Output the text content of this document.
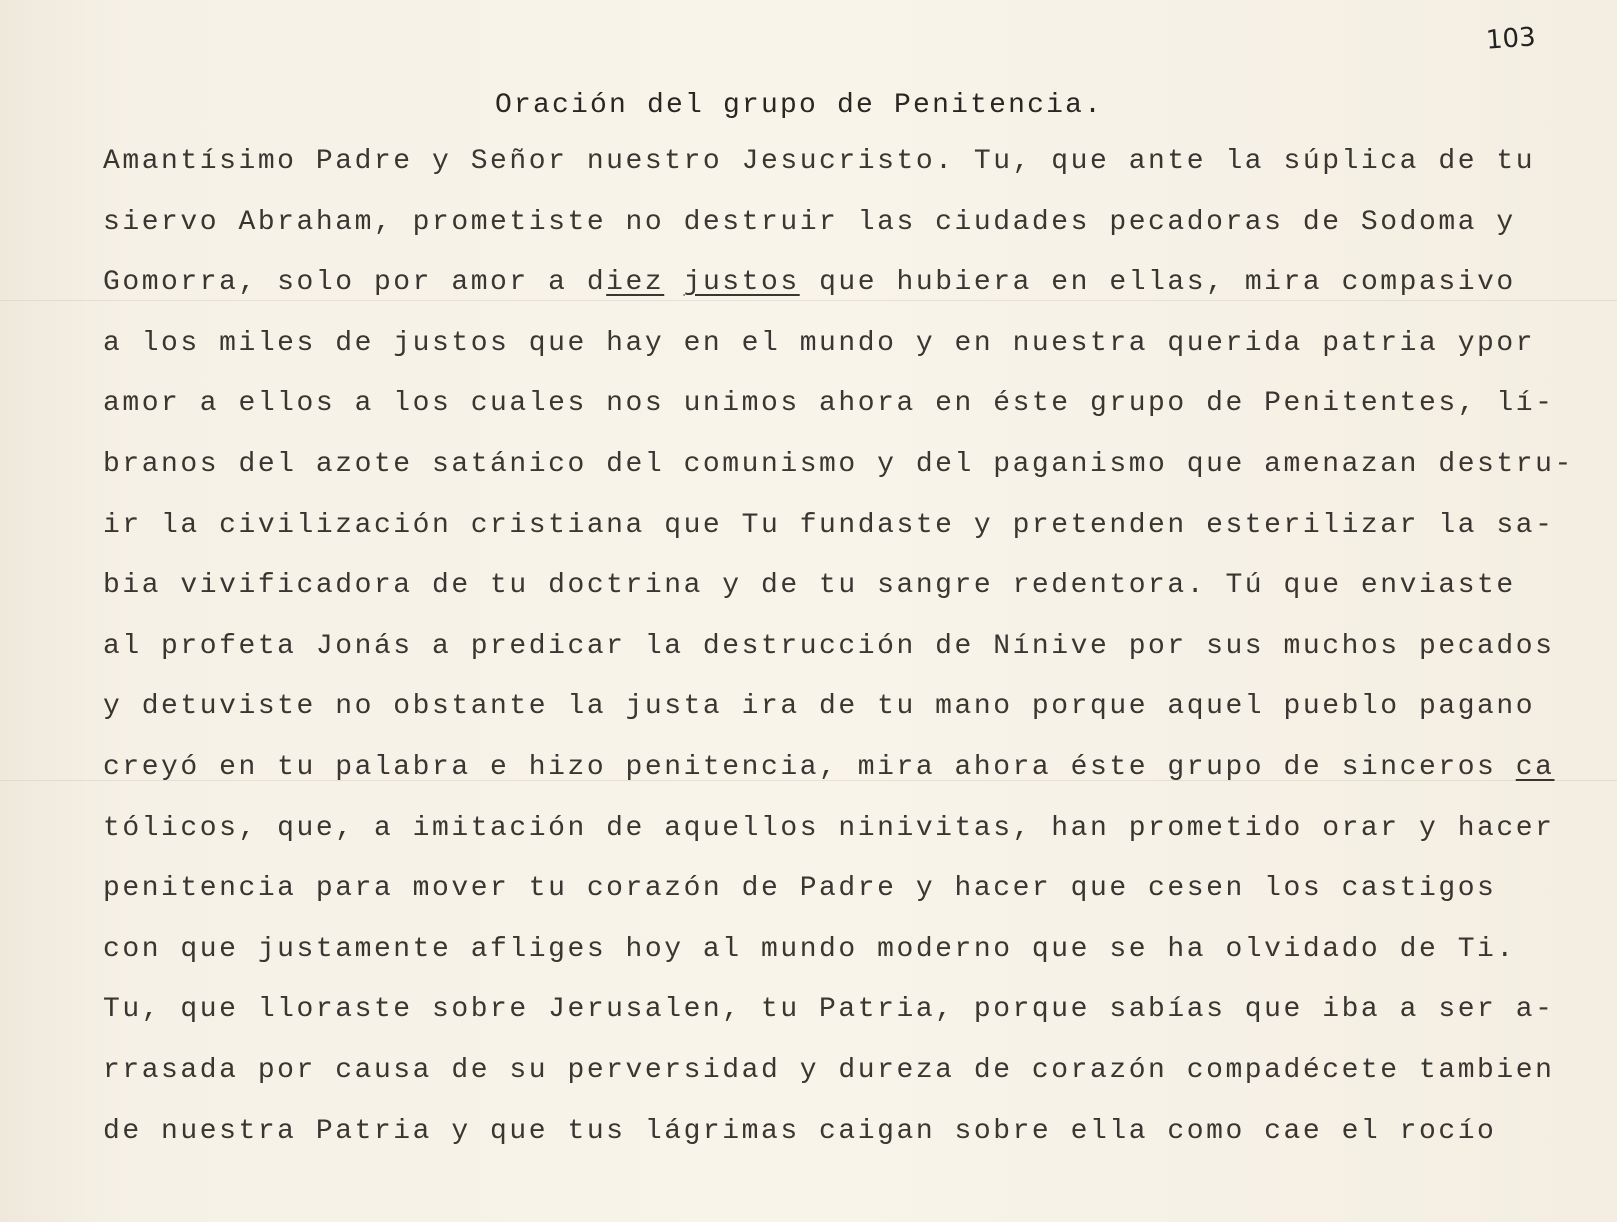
103
Oración del grupo de Penitencia.
Amantísimo Padre y Señor nuestro Jesucristo. Tu, que ante la súplica de tu
siervo Abraham, prometiste no destruir las ciudades pecadoras de Sodoma y
Gomorra, solo por amor a diez justos que hubiera en ellas, mira compasivo
a los miles de justos que hay en el mundo y en nuestra querida patria ypor
amor a ellos a los cuales nos unimos ahora en éste grupo de Penitentes, lí-
branos del azote satánico del comunismo y del paganismo que amenazan destru-
ir la civilización cristiana que Tu fundaste y pretenden esterilizar la sa-
bia vivificadora de tu doctrina y de tu sangre redentora. Tú que enviaste
al profeta Jonás a predicar la destrucción de Nínive por sus muchos pecados
y detuviste no obstante la justa ira de tu mano porque aquel pueblo pagano
creyó en tu palabra e hizo penitencia, mira ahora éste grupo de sinceros ca
tólicos, que, a imitación de aquellos ninivitas, han prometido orar y hacer
penitencia para mover tu corazón de Padre y hacer que cesen los castigos
con que justamente afliges hoy al mundo moderno que se ha olvidado de Ti.
Tu, que lloraste sobre Jerusalen, tu Patria, porque sabías que iba a ser a-
rrasada por causa de su perversidad y dureza de corazón compadécete tambien
de nuestra Patria y que tus lágrimas caigan sobre ella como cae el rocío
